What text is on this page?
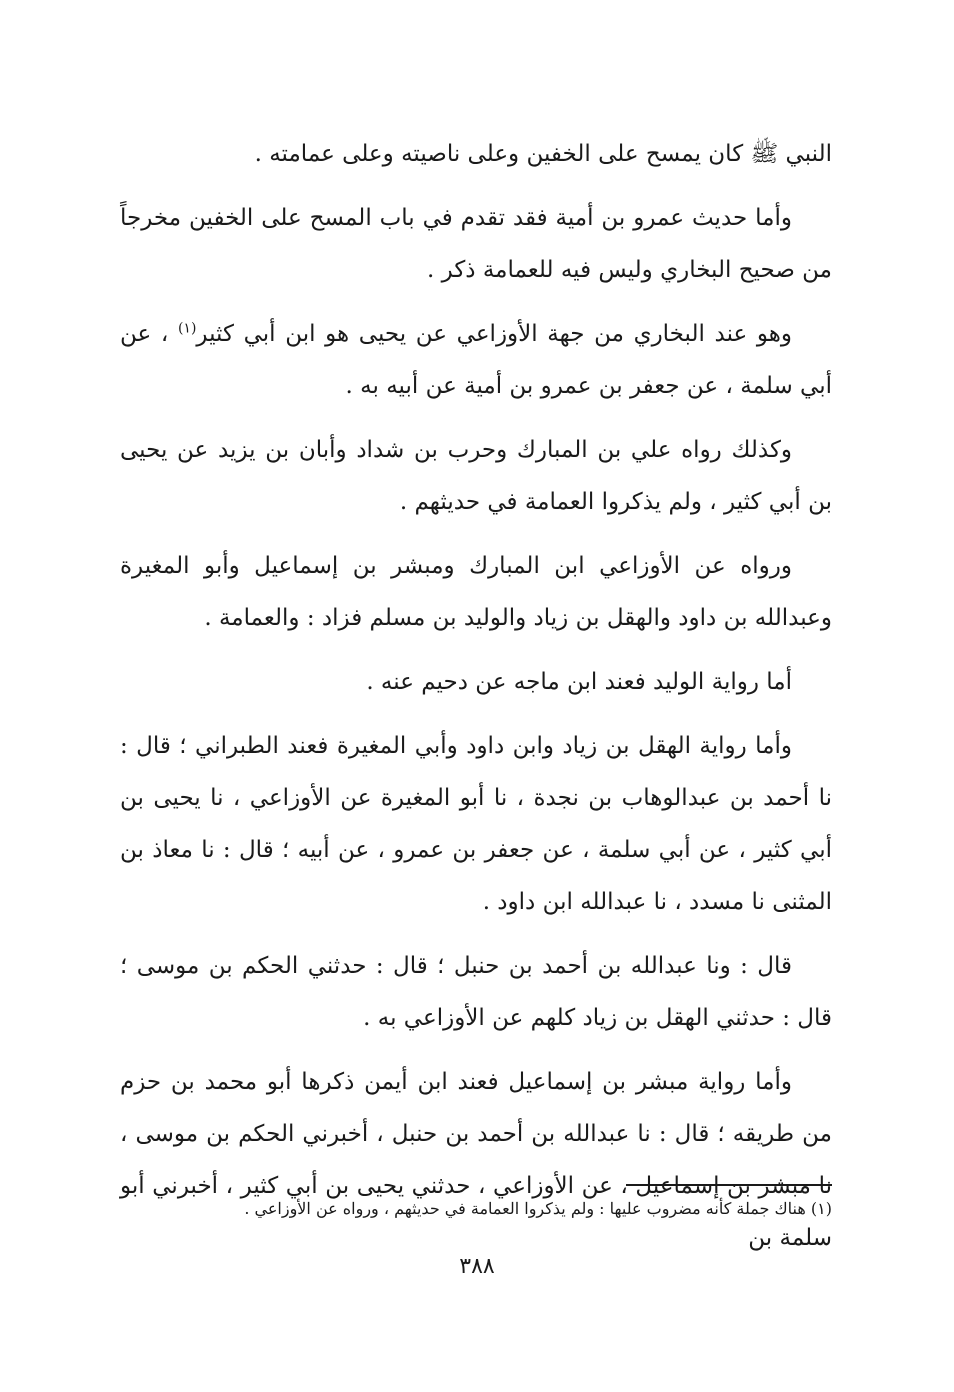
النبي ﷺ كان يمسح على الخفين وعلى ناصيته وعلى عمامته .

وأما حديث عمرو بن أمية فقد تقدم في باب المسح على الخفين مخرجاً من صحيح البخاري وليس فيه للعمامة ذكر .

وهو عند البخاري من جهة الأوزاعي عن يحيى هو ابن أبي كثير$^{(١)}$ ، عن أبي سلمة ، عن جعفر بن عمرو بن أمية عن أبيه به .

وكذلك رواه علي بن المبارك وحرب بن شداد وأبان بن يزيد عن يحيى بن أبي كثير ، ولم يذكروا العمامة في حديثهم .

ورواه عن الأوزاعي ابن المبارك ومبشر بن إسماعيل وأبو المغيرة وعبدالله بن داود والهقل بن زياد والوليد بن مسلم فزاد : والعمامة .

أما رواية الوليد فعند ابن ماجه عن دحيم عنه .

وأما رواية الهقل بن زياد وابن داود وأبي المغيرة فعند الطبراني ؛ قال : نا أحمد بن عبدالوهاب بن نجدة ، نا أبو المغيرة عن الأوزاعي ، نا يحيى بن أبي كثير ، عن أبي سلمة ، عن جعفر بن عمرو ، عن أبيه ؛ قال : نا معاذ بن المثنى نا مسدد ، نا عبدالله ابن داود .

قال : ونا عبدالله بن أحمد بن حنبل ؛ قال : حدثني الحكم بن موسى ؛ قال : حدثني الهقل بن زياد كلهم عن الأوزاعي به .

وأما رواية مبشر بن إسماعيل فعند ابن أيمن ذكرها أبو محمد بن حزم من طريقه ؛ قال : نا عبدالله بن أحمد بن حنبل ، أخبرني الحكم بن موسى ، نا مبشر بن إسماعيل ، عن الأوزاعي ، حدثني يحيى بن أبي كثير ، أخبرني أبو سلمة بن

(١) هناك جملة كأنه مضروب عليها : ولم يذكروا العمامة في حديثهم ، ورواه عن الأوزاعي .
٣٨٨
